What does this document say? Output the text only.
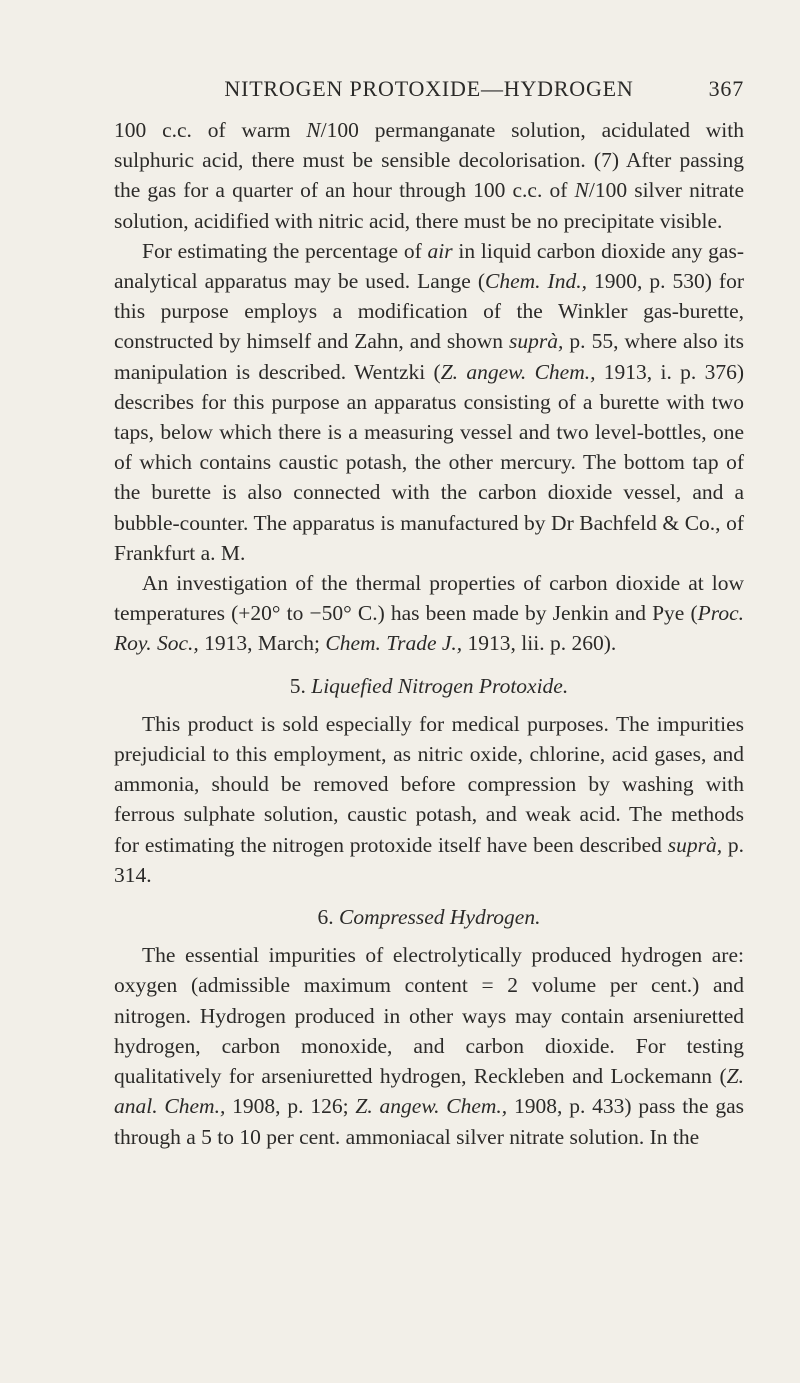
NITROGEN PROTOXIDE—HYDROGEN	367

100 c.c. of warm N/100 permanganate solution, acidulated with sulphuric acid, there must be sensible decolorisation. (7) After passing the gas for a quarter of an hour through 100 c.c. of N/100 silver nitrate solution, acidified with nitric acid, there must be no precipitate visible.

For estimating the percentage of air in liquid carbon dioxide any gas-analytical apparatus may be used. Lange (Chem. Ind., 1900, p. 530) for this purpose employs a modification of the Winkler gas-burette, constructed by himself and Zahn, and shown suprà, p. 55, where also its manipulation is described. Wentzki (Z. angew. Chem., 1913, i. p. 376) describes for this purpose an apparatus consisting of a burette with two taps, below which there is a measuring vessel and two level-bottles, one of which contains caustic potash, the other mercury. The bottom tap of the burette is also connected with the carbon dioxide vessel, and a bubble-counter. The apparatus is manufactured by Dr Bachfeld & Co., of Frankfurt a. M.

An investigation of the thermal properties of carbon dioxide at low temperatures (+20° to −50° C.) has been made by Jenkin and Pye (Proc. Roy. Soc., 1913, March; Chem. Trade J., 1913, lii. p. 260).

5. Liquefied Nitrogen Protoxide.

This product is sold especially for medical purposes. The impurities prejudicial to this employment, as nitric oxide, chlorine, acid gases, and ammonia, should be removed before compression by washing with ferrous sulphate solution, caustic potash, and weak acid. The methods for estimating the nitrogen protoxide itself have been described suprà, p. 314.

6. Compressed Hydrogen.

The essential impurities of electrolytically produced hydrogen are: oxygen (admissible maximum content = 2 volume per cent.) and nitrogen. Hydrogen produced in other ways may contain arseniuretted hydrogen, carbon monoxide, and carbon dioxide. For testing qualitatively for arseniuretted hydrogen, Reckleben and Lockemann (Z. anal. Chem., 1908, p. 126; Z. angew. Chem., 1908, p. 433) pass the gas through a 5 to 10 per cent. ammoniacal silver nitrate solution. In the
